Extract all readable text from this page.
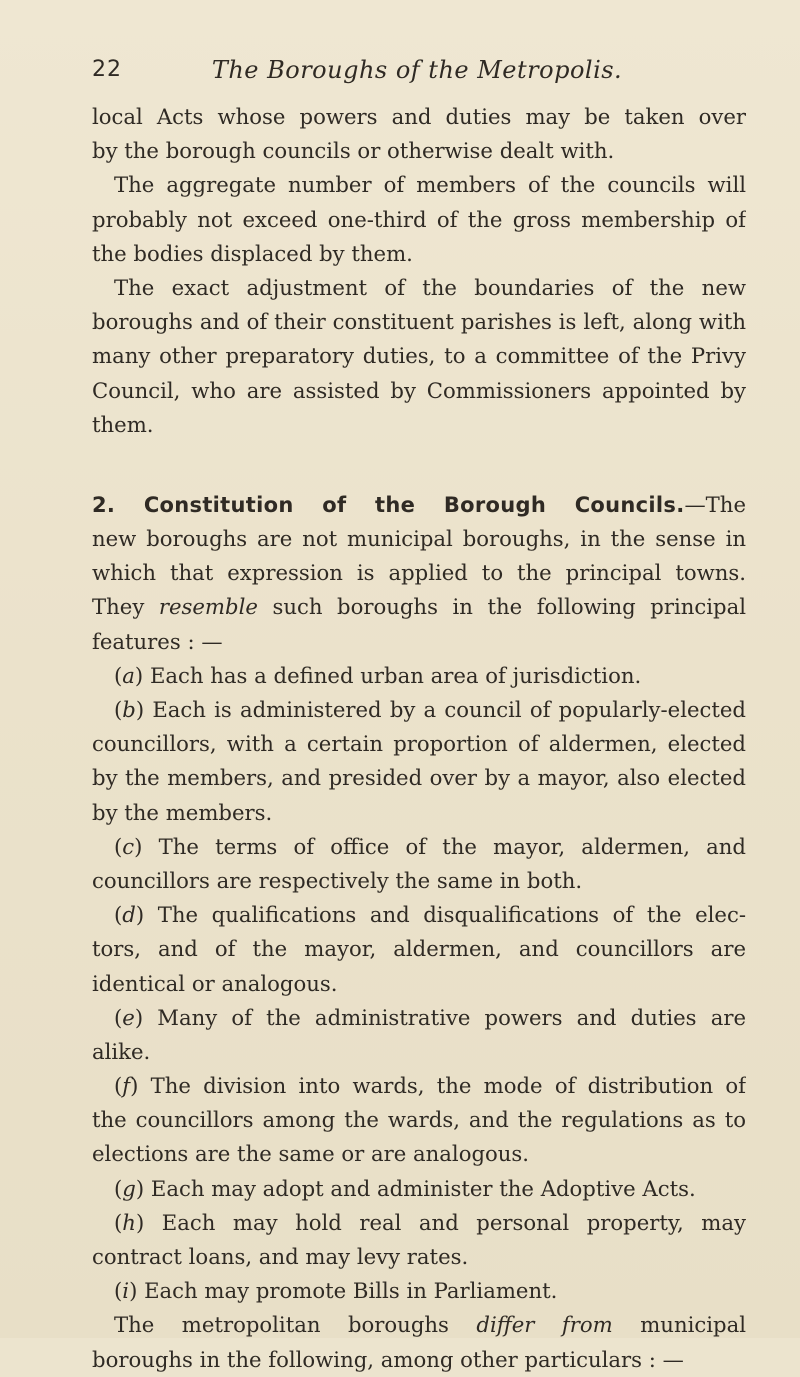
22	The Boroughs of the Metropolis.
local Acts whose powers and duties may be taken over
by the borough councils or otherwise dealt with.
The aggregate number of members of the councils will
probably not exceed one-third of the gross membership of
the bodies displaced by them.
The exact adjustment of the boundaries of the new
boroughs and of their constituent parishes is left, along with
many other preparatory duties, to a committee of the Privy
Council, who are assisted by Commissioners appointed by
them.
2. Constitution of the Borough Councils.—The
new boroughs are not municipal boroughs, in the sense in
which that expression is applied to the principal towns.
They resemble such boroughs in the following principal
features : —
(a) Each has a defined urban area of jurisdiction.
(b) Each is administered by a council of popularly-elected
councillors, with a certain proportion of aldermen, elected
by the members, and presided over by a mayor, also elected
by the members.
(c) The terms of office of the mayor, aldermen, and
councillors are respectively the same in both.
(d) The qualifications and disqualifications of the elec-
tors, and of the mayor, aldermen, and councillors are
identical or analogous.
(e) Many of the administrative powers and duties are
alike.
(f) The division into wards, the mode of distribution of
the councillors among the wards, and the regulations as to
elections are the same or are analogous.
(g) Each may adopt and administer the Adoptive Acts.
(h) Each may hold real and personal property, may
contract loans, and may levy rates.
(i) Each may promote Bills in Parliament.
The metropolitan boroughs differ from municipal
boroughs in the following, among other particulars : —
